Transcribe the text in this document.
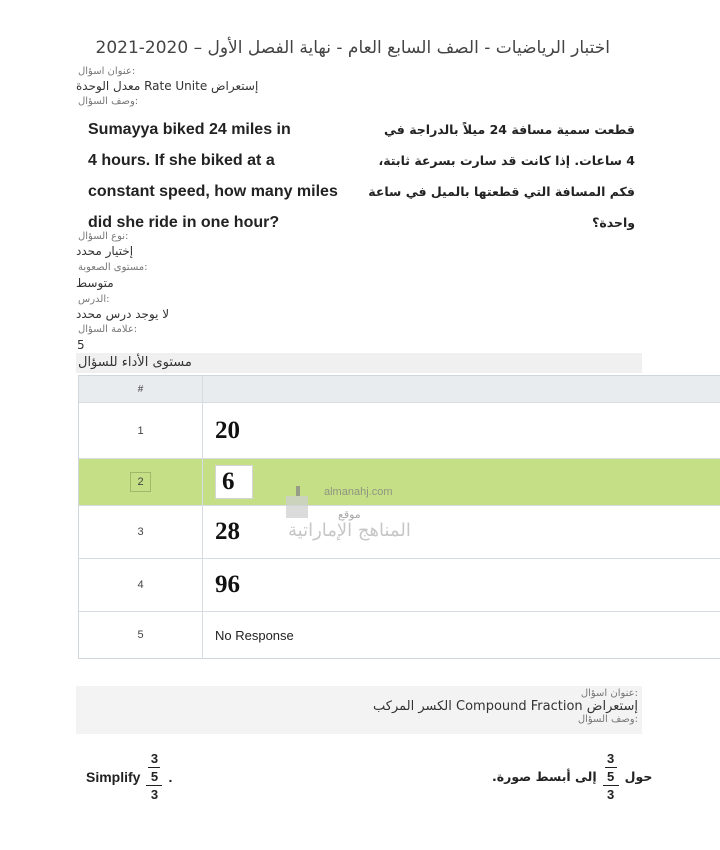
اختبار الرياضيات - الصف السابع العام - نهاية الفصل الأول – 2020-2021
:عنوان اسؤال
إستعراض Rate Unite معدل الوحدة
:وصف السؤال
Sumayya biked 24 miles in
4 hours. If she biked at a
constant speed, how many miles
did she ride in one hour?
قطعت سمية مسافة 24 ميلاً بالدراجة في
4 ساعات. إذا كانت قد سارت بسرعة ثابتة،
فكم المسافة التي قطعتها بالميل في ساعة واحدة؟
:نوع السؤال
إختيار محدد
:مستوى الصعوبة
متوسط
:الدرس
لا يوجد درس محدد
:علامة السؤال
5
مستوى الأداء للسؤال
#
1	20
2	6
3	28
4	96
5	No Response
almanahj.com
موقع
المناهج الإماراتية
:عنوان اسؤال
إستعراض Compound Fraction الكسر المركب
:وصف السؤال
Simplify
3
5
3
.	حول
3
5
3
إلى أبسط صورة.
